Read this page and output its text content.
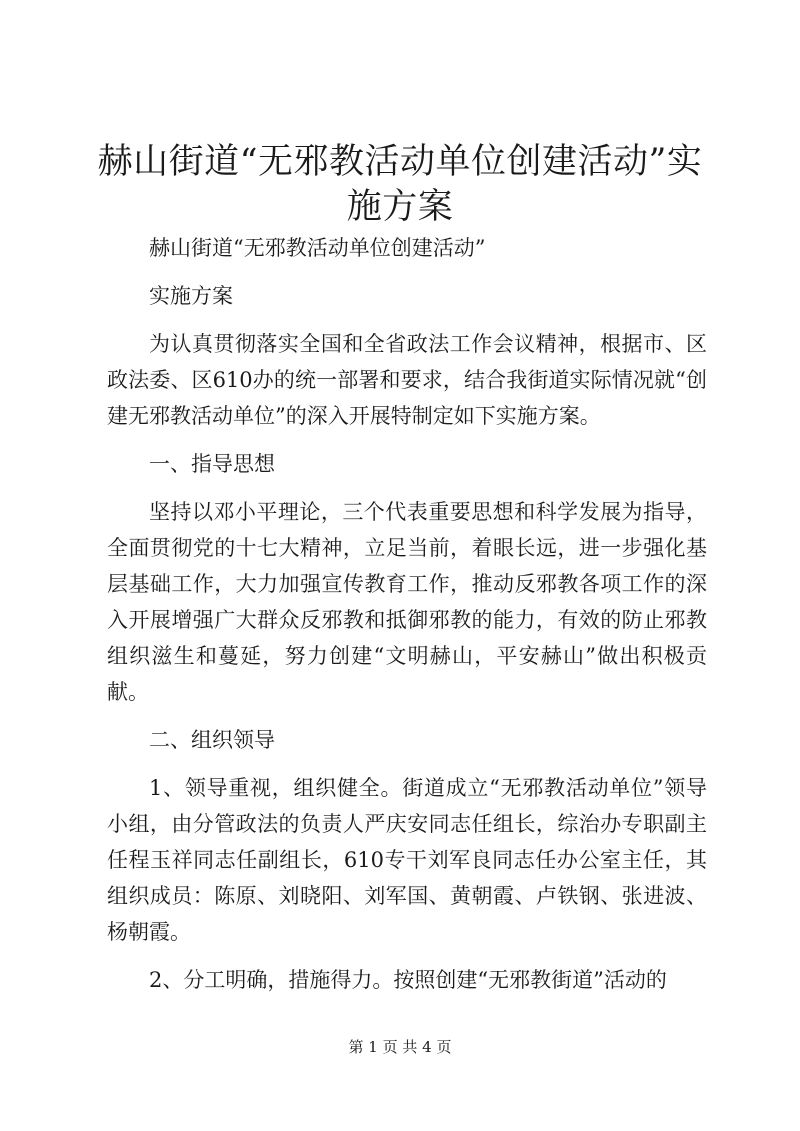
赫山街道“无邪教活动单位创建活动”实施方案

赫山街道“无邪教活动单位创建活动”

实施方案

为认真贯彻落实全国和全省政法工作会议精神，根据市、区政法委、区610办的统一部署和要求，结合我街道实际情况就“创建无邪教活动单位”的深入开展特制定如下实施方案。

一、指导思想

坚持以邓小平理论，三个代表重要思想和科学发展为指导，全面贯彻党的十七大精神，立足当前，着眼长远，进一步强化基层基础工作，大力加强宣传教育工作，推动反邪教各项工作的深入开展增强广大群众反邪教和抵御邪教的能力，有效的防止邪教组织滋生和蔓延，努力创建“文明赫山，平安赫山”做出积极贡献。

二、组织领导

1、领导重视，组织健全。街道成立“无邪教活动单位”领导小组，由分管政法的负责人严庆安同志任组长，综治办专职副主任程玉祥同志任副组长，610专干刘军良同志任办公室主任，其组织成员：陈原、刘晓阳、刘军国、黄朝霞、卢铁钢、张进波、杨朝霞。

2、分工明确，措施得力。按照创建“无邪教街道”活动的

第 1 页 共 4 页
